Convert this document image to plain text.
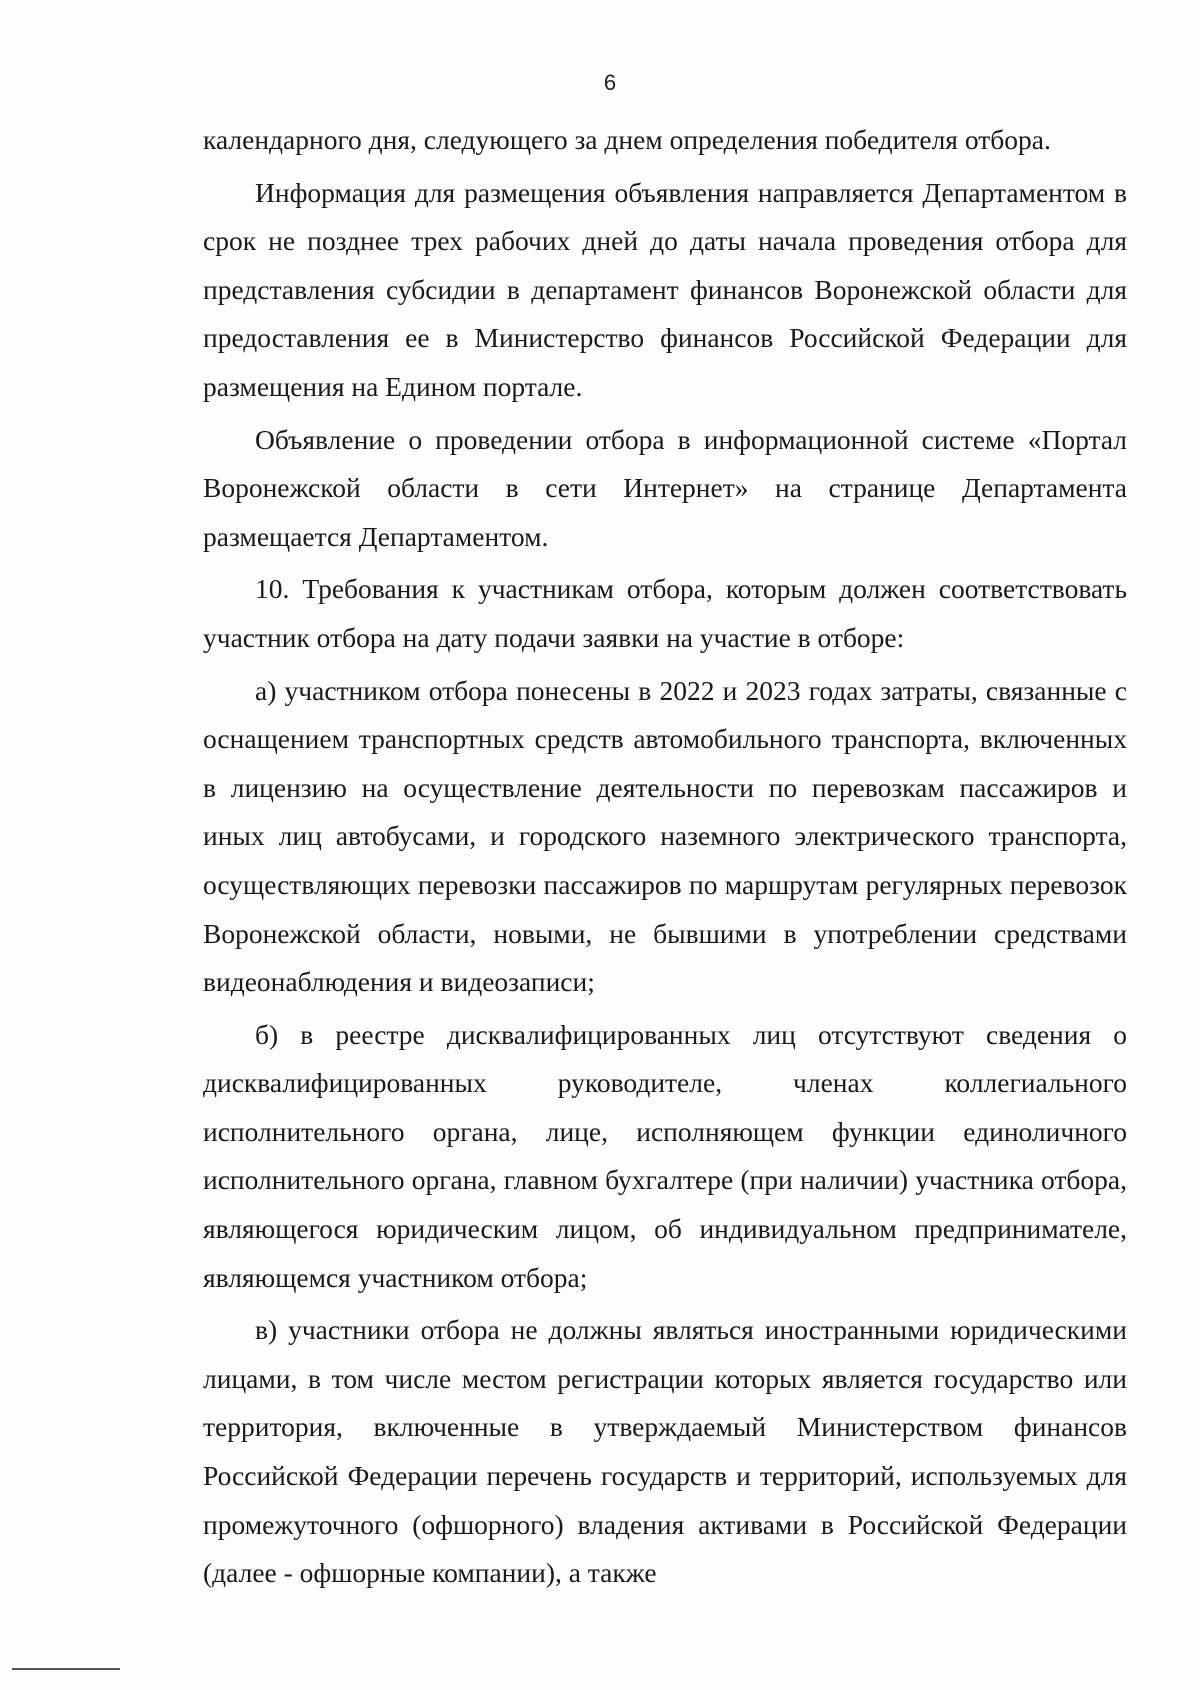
6

календарного дня, следующего за днем определения победителя отбора.

Информация для размещения объявления направляется Департаментом в срок не позднее трех рабочих дней до даты начала проведения отбора для представления субсидии в департамент финансов Воронежской области для предоставления ее в Министерство финансов Российской Федерации для размещения на Едином портале.

Объявление о проведении отбора в информационной системе «Портал Воронежской области в сети Интернет» на странице Департамента размещается Департаментом.

10. Требования к участникам отбора, которым должен соответствовать участник отбора на дату подачи заявки на участие в отборе:

а) участником отбора понесены в 2022 и 2023 годах затраты, связанные с оснащением транспортных средств автомобильного транспорта, включенных в лицензию на осуществление деятельности по перевозкам пассажиров и иных лиц автобусами, и городского наземного электрического транспорта, осуществляющих перевозки пассажиров по маршрутам регулярных перевозок Воронежской области, новыми, не бывшими в употреблении средствами видеонаблюдения и видеозаписи;

б) в реестре дисквалифицированных лиц отсутствуют сведения о дисквалифицированных руководителе, членах коллегиального исполнительного органа, лице, исполняющем функции единоличного исполнительного органа, главном бухгалтере (при наличии) участника отбора, являющегося юридическим лицом, об индивидуальном предпринимателе, являющемся участником отбора;

в) участники отбора не должны являться иностранными юридическими лицами, в том числе местом регистрации которых является государство или территория, включенные в утверждаемый Министерством финансов Российской Федерации перечень государств и территорий, используемых для промежуточного (офшорного) владения активами в Российской Федерации (далее - офшорные компании), а также
